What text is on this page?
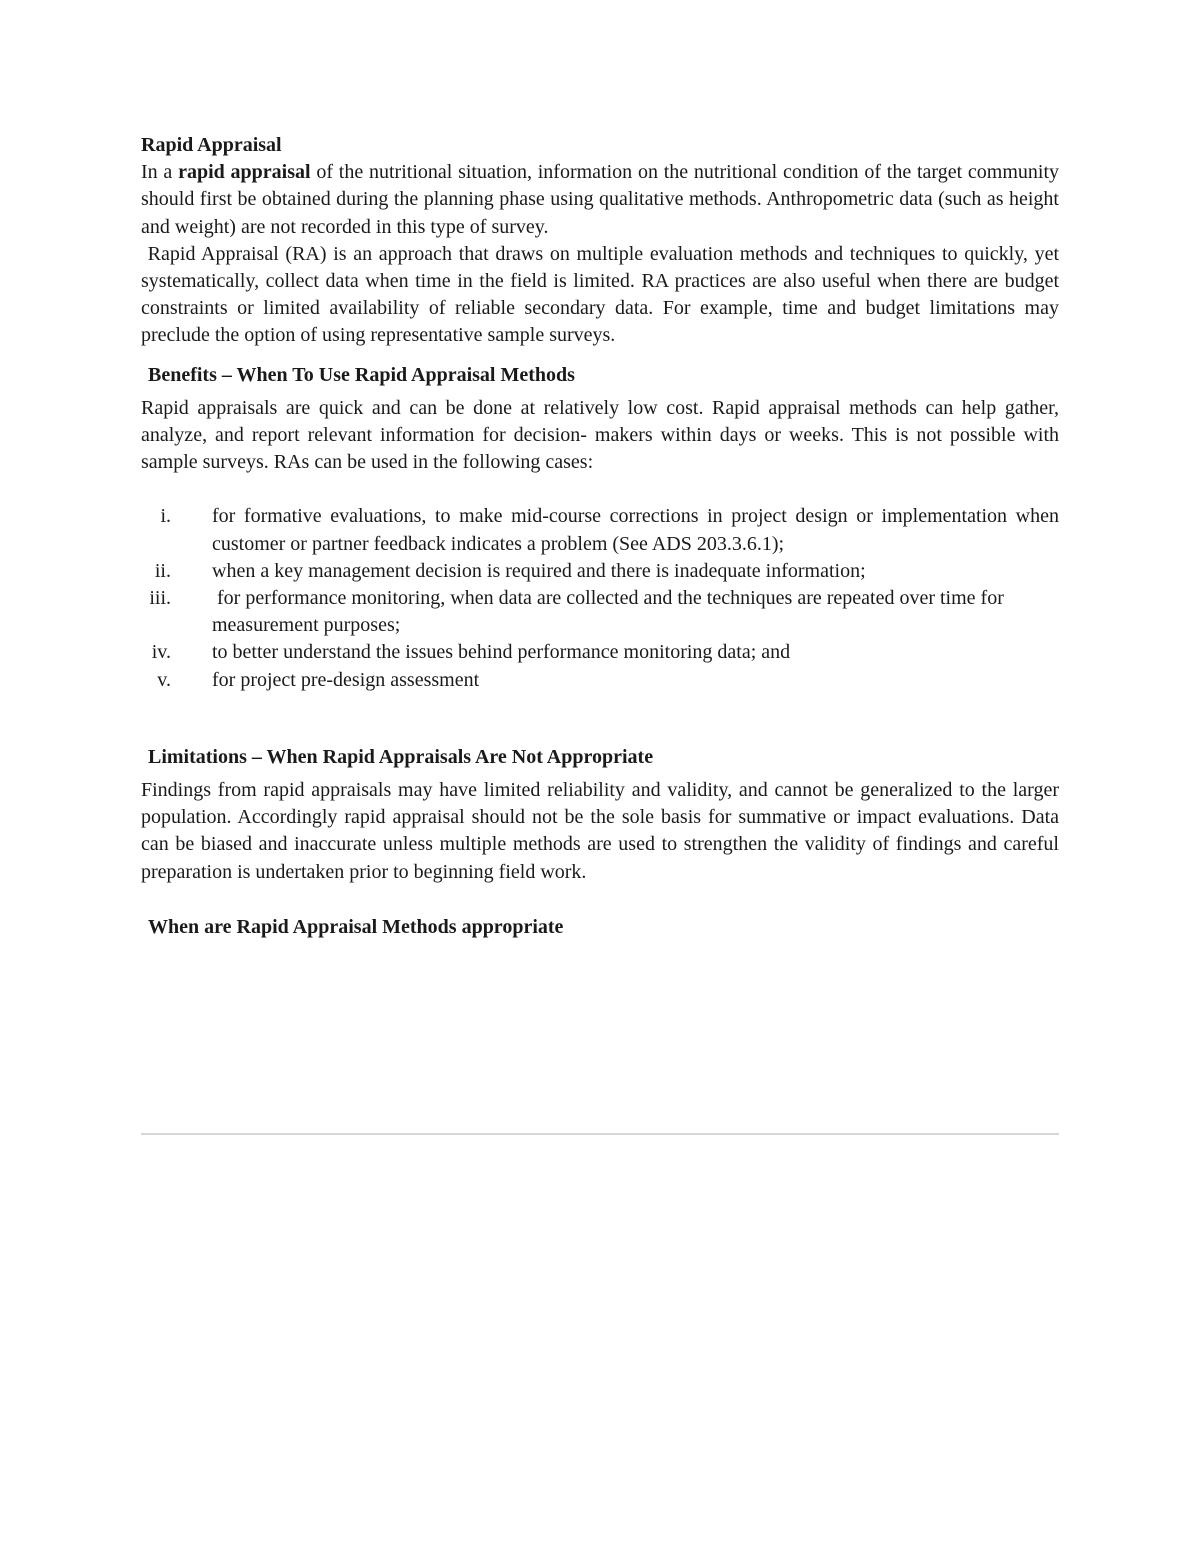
Rapid Appraisal

In a rapid appraisal of the nutritional situation, information on the nutritional condition of the target community should first be obtained during the planning phase using qualitative methods. Anthropometric data (such as height and weight) are not recorded in this type of survey.

Rapid Appraisal (RA) is an approach that draws on multiple evaluation methods and techniques to quickly, yet systematically, collect data when time in the field is limited. RA practices are also useful when there are budget constraints or limited availability of reliable secondary data. For example, time and budget limitations may preclude the option of using representative sample surveys.

Benefits – When To Use Rapid Appraisal Methods

Rapid appraisals are quick and can be done at relatively low cost. Rapid appraisal methods can help gather, analyze, and report relevant information for decision- makers within days or weeks. This is not possible with sample surveys. RAs can be used in the following cases:

i. for formative evaluations, to make mid-course corrections in project design or implementation when customer or partner feedback indicates a problem (See ADS 203.3.6.1);
ii. when a key management decision is required and there is inadequate information;
iii. for performance monitoring, when data are collected and the techniques are repeated over time for measurement purposes;
iv. to better understand the issues behind performance monitoring data; and
v. for project pre-design assessment

Limitations – When Rapid Appraisals Are Not Appropriate

Findings from rapid appraisals may have limited reliability and validity, and cannot be generalized to the larger population. Accordingly rapid appraisal should not be the sole basis for summative or impact evaluations. Data can be biased and inaccurate unless multiple methods are used to strengthen the validity of findings and careful preparation is undertaken prior to beginning field work.

When are Rapid Appraisal Methods appropriate
